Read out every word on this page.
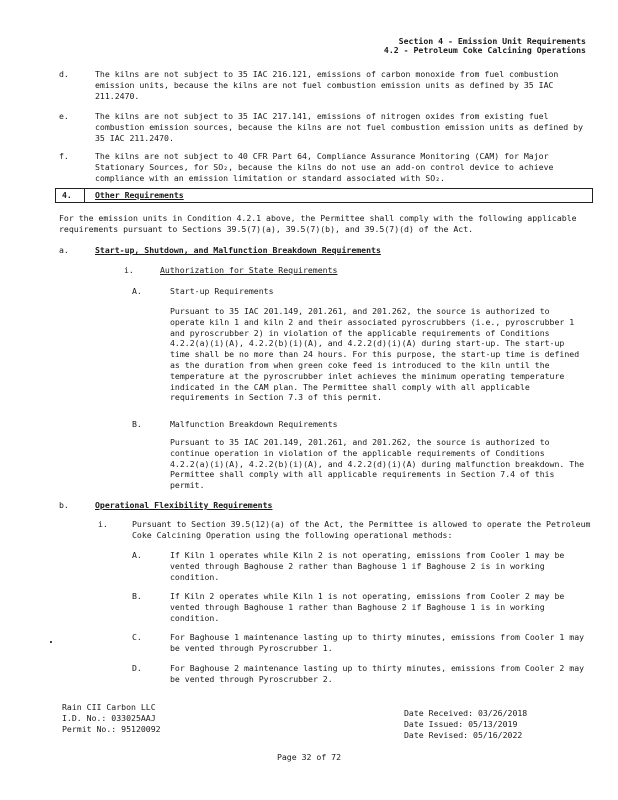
Section 4 - Emission Unit Requirements
4.2 - Petroleum Coke Calcining Operations
d.	The kilns are not subject to 35 IAC 216.121, emissions of carbon monoxide from fuel combustion emission units, because the kilns are not fuel combustion emission units as defined by 35 IAC 211.2470.
e.	The kilns are not subject to 35 IAC 217.141, emissions of nitrogen oxides from existing fuel combustion emission sources, because the kilns are not fuel combustion emission units as defined by 35 IAC 211.2470.
f.	The kilns are not subject to 40 CFR Part 64, Compliance Assurance Monitoring (CAM) for Major Stationary Sources, for SO₂, because the kilns do not use an add-on control device to achieve compliance with an emission limitation or standard associated with SO₂.
4.	Other Requirements
For the emission units in Condition 4.2.1 above, the Permittee shall comply with the following applicable requirements pursuant to Sections 39.5(7)(a), 39.5(7)(b), and 39.5(7)(d) of the Act.
a.	Start-up, Shutdown, and Malfunction Breakdown Requirements
i.	Authorization for State Requirements
A.	Start-up Requirements
Pursuant to 35 IAC 201.149, 201.261, and 201.262, the source is authorized to operate kiln 1 and kiln 2 and their associated pyroscrubbers (i.e., pyroscrubber 1 and pyroscrubber 2) in violation of the applicable requirements of Conditions 4.2.2(a)(i)(A), 4.2.2(b)(i)(A), and 4.2.2(d)(i)(A) during start-up. The start-up time shall be no more than 24 hours. For this purpose, the start-up time is defined as the duration from when green coke feed is introduced to the kiln until the temperature at the pyroscrubber inlet achieves the minimum operating temperature indicated in the CAM plan. The Permittee shall comply with all applicable requirements in Section 7.3 of this permit.
B.	Malfunction Breakdown Requirements
Pursuant to 35 IAC 201.149, 201.261, and 201.262, the source is authorized to continue operation in violation of the applicable requirements of Conditions 4.2.2(a)(i)(A), 4.2.2(b)(i)(A), and 4.2.2(d)(i)(A) during malfunction breakdown. The Permittee shall comply with all applicable requirements in Section 7.4 of this permit.
b.	Operational Flexibility Requirements
i.	Pursuant to Section 39.5(12)(a) of the Act, the Permittee is allowed to operate the Petroleum Coke Calcining Operation using the following operational methods:
A.	If Kiln 1 operates while Kiln 2 is not operating, emissions from Cooler 1 may be vented through Baghouse 2 rather than Baghouse 1 if Baghouse 2 is in working condition.
B.	If Kiln 2 operates while Kiln 1 is not operating, emissions from Cooler 2 may be vented through Baghouse 1 rather than Baghouse 2 if Baghouse 1 is in working condition.
C.	For Baghouse 1 maintenance lasting up to thirty minutes, emissions from Cooler 1 may be vented through Pyroscrubber 1.
D.	For Baghouse 2 maintenance lasting up to thirty minutes, emissions from Cooler 2 may be vented through Pyroscrubber 2.
Rain CII Carbon LLC
I.D. No.: 033025AAJ
Permit No.: 95120092
Date Received: 03/26/2018
Date Issued: 05/13/2019
Date Revised: 05/16/2022
Page 32 of 72
